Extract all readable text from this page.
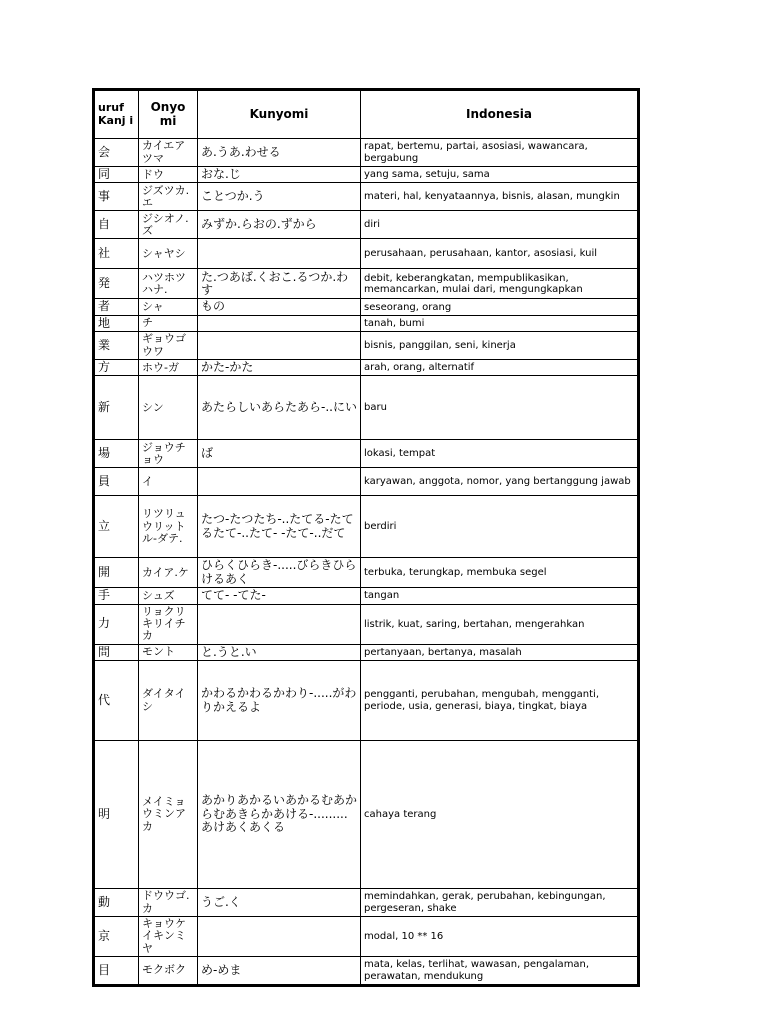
uruf Kanj i	Onyo mi	Kunyomi	Indonesia
会	カイエアツマ	あ.うあ.わせる	rapat, bertemu, partai, asosiasi, wawancara, bergabung
同	ドウ	おな.じ	yang sama, setuju, sama
事	ジズツカ.エ	ことつか.う	materi, hal, kenyataannya, bisnis, alasan, mungkin
自	ジシオノ.ズ	みずか.らおの.ずから	diri
社	シャヤシ		perusahaan, perusahaan, kantor, asosiasi, kuil
発	ハツホツハナ.	た.つあば.くおこ.るつか.わす	debit, keberangkatan, mempublikasikan, memancarkan, mulai dari, mengungkapkan
者	シャ	もの	seseorang, orang
地	チ		tanah, bumi
業	ギョウゴウワ		bisnis, panggilan, seni, kinerja
方	ホウ-ガ	かた-かた	arah, orang, alternatif
新	シン	あたらしいあらたあら-..にい	baru
場	ジョウチョウ	ば	lokasi, tempat
員	イ		karyawan, anggota, nomor, yang bertanggung jawab
立	リツリュウリットル-ダテ.	たつ-たつたち-..たてる-たてるたて-..たて- -たて-..だて	berdiri
開	カイア.ケ	ひらくひらき-.....びらきひらけるあく	terbuka, terungkap, membuka segel
手	シュズ	てて- -てた-	tangan
力	リョクリキリイチカ		listrik, kuat, saring, bertahan, mengerahkan
問	モント	と.うと.い	pertanyaan, bertanya, masalah
代	ダイタイシ	かわるかわるかわり-.....がわりかえるよ	pengganti, perubahan, mengubah, mengganti, periode, usia, generasi, biaya, tingkat, biaya
明	メイミョウミンアカ	あかりあかるいあかるむあからむあきらかあける-.........あけあくあくる	cahaya terang
動	ドウウゴ.カ	うご.く	memindahkan, gerak, perubahan, kebingungan, pergeseran, shake
京	キョウケイキンミヤ		modal, 10 ** 16
目	モクボク	め-めま	mata, kelas, terlihat, wawasan, pengalaman, perawatan, mendukung
